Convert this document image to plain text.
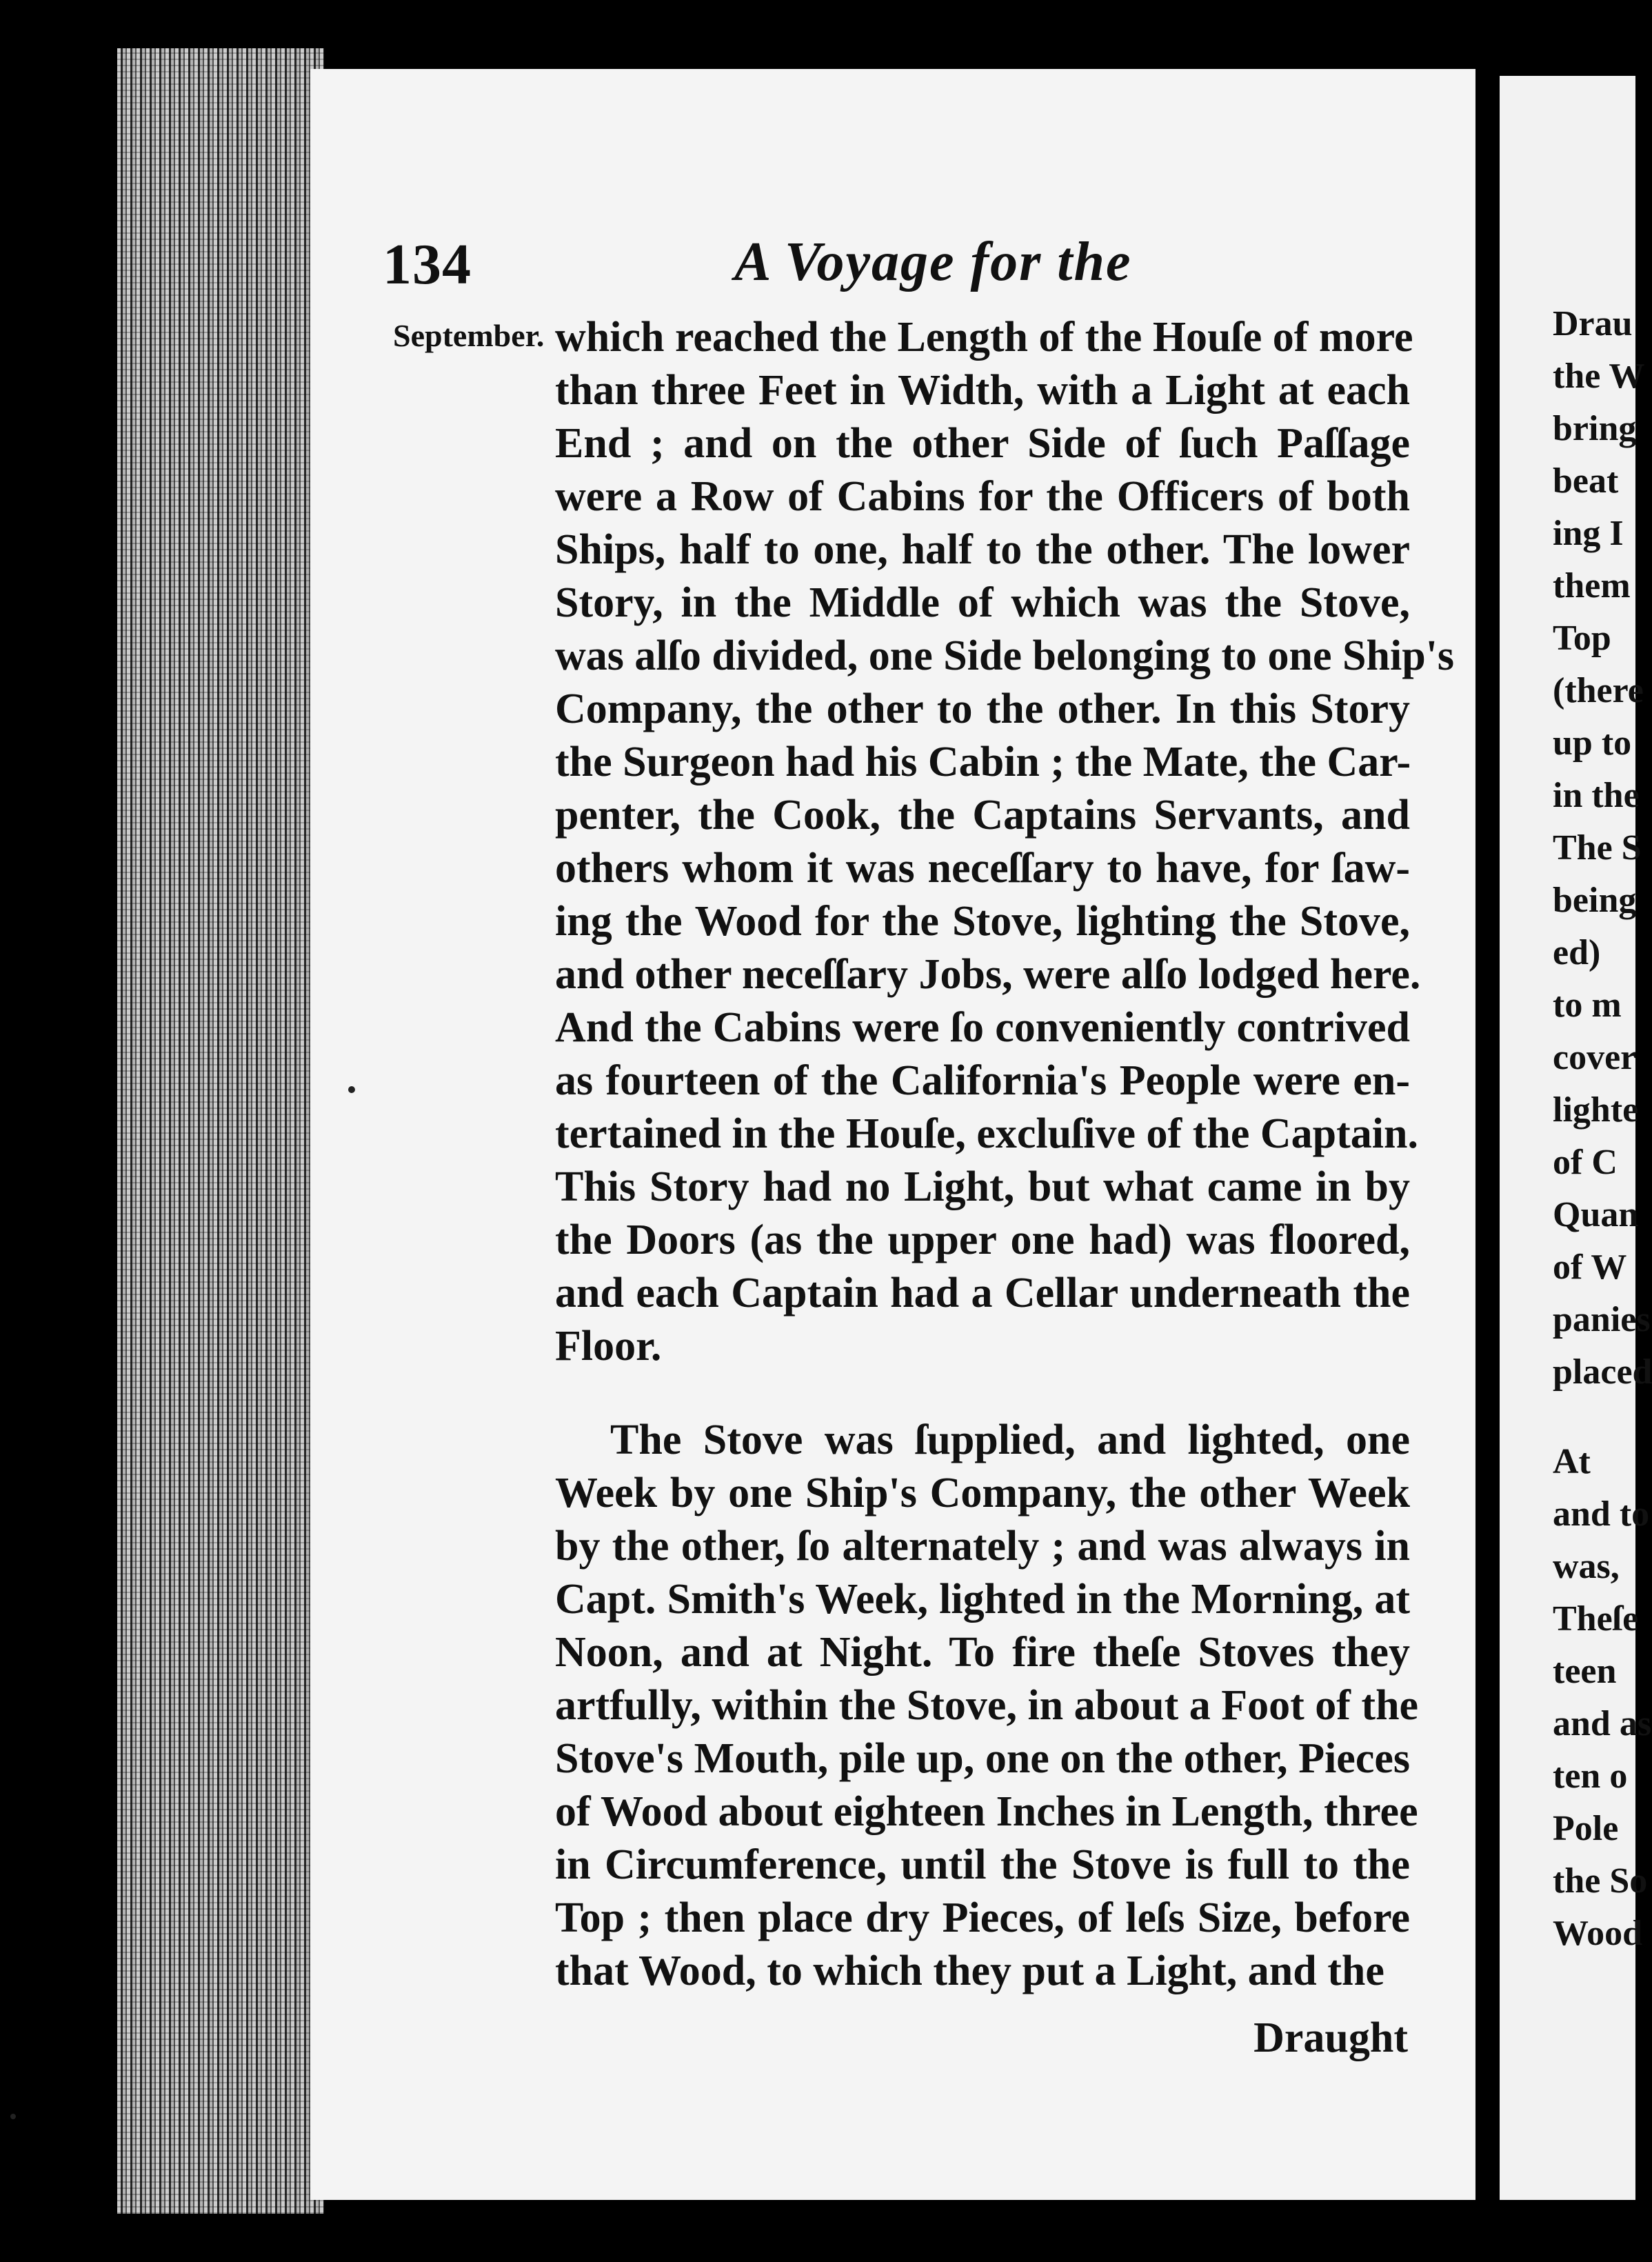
134	A Voyage for the
September. which reached the Length of the Houſe of more
than three Feet in Width, with a Light at each
End ; and on the other Side of ſuch Paſſage
were a Row of Cabins for the Officers of both
Ships, half to one, half to the other. The lower
Story, in the Middle of which was the Stove,
was alſo divided, one Side belonging to one Ship's
Company, the other to the other. In this Story
the Surgeon had his Cabin ; the Mate, the Car-
penter, the Cook, the Captains Servants, and
others whom it was neceſſary to have, for ſaw-
ing the Wood for the Stove, lighting the Stove,
and other neceſſary Jobs, were alſo lodged here.
And the Cabins were ſo conveniently contrived
as fourteen of the California's People were en-
tertained in the Houſe, excluſive of the Captain.
This Story had no Light, but what came in by
the Doors (as the upper one had) was floored,
and each Captain had a Cellar underneath the
Floor.
The Stove was ſupplied, and lighted, one
Week by one Ship's Company, the other Week
by the other, ſo alternately ; and was always in
Capt. Smith's Week, lighted in the Morning, at
Noon, and at Night. To fire theſe Stoves they
artfully, within the Stove, in about a Foot of the
Stove's Mouth, pile up, one on the other, Pieces
of Wood about eighteen Inches in Length, three
in Circumference, until the Stove is full to the
Top ; then place dry Pieces, of leſs Size, before
that Wood, to which they put a Light, and the
Draught
Drau
the W
bring
beat
ing I
them
Top
(there
up to
in the
The S
being
ed)
to m
cover
lighte
of C
Quan
of W
panies
placed
At
and to
was,
Theſe
teen
and as
ten o
Pole
the So
Wood
